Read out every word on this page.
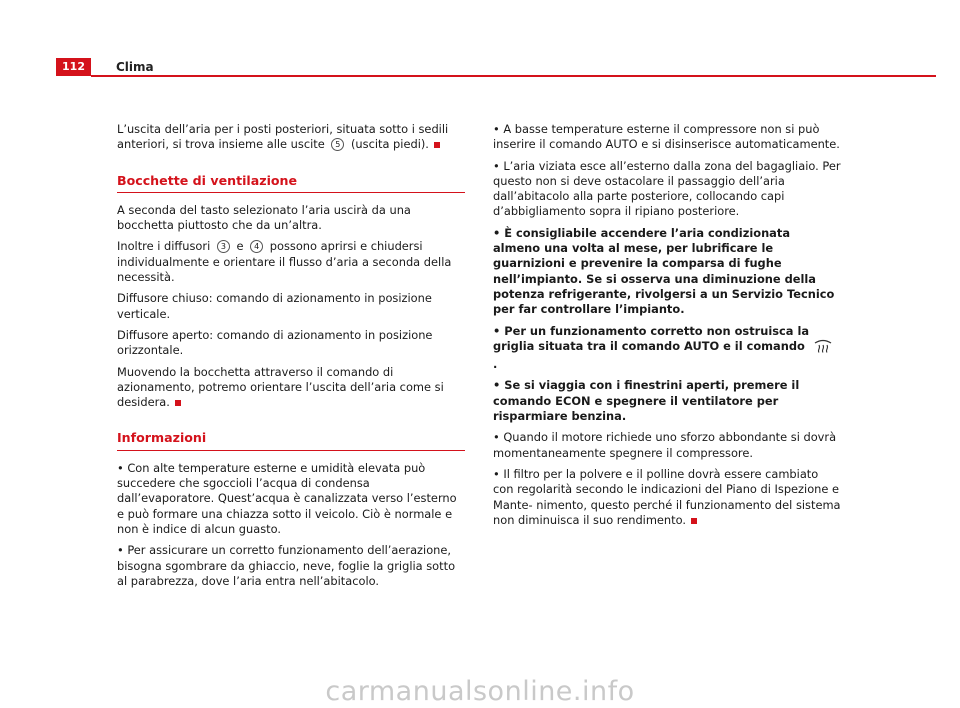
112	Clima

L’uscita dell’aria per i posti posteriori, situata sotto i sedili anteriori, si trova insieme alle uscite 5 (uscita piedi).

Bocchette di ventilazione

A seconda del tasto selezionato l’aria uscirà da una bocchetta piuttosto che da un’altra.

Inoltre i diffusori 3 e 4 possono aprirsi e chiudersi individualmente e orientare il flusso d’aria a seconda della necessità.

Diffusore chiuso: comando di azionamento in posizione verticale.

Diffusore aperto: comando di azionamento in posizione orizzontale.

Muovendo la bocchetta attraverso il comando di azionamento, potremo orientare l’uscita dell’aria come si desidera.

Informazioni

• Con alte temperature esterne e umidità elevata può succedere che sgoccioli l’acqua di condensa dall’evaporatore. Quest’acqua è canalizzata verso l’esterno e può formare una chiazza sotto il veicolo. Ciò è normale e non è indice di alcun guasto.

• Per assicurare un corretto funzionamento dell’aerazione, bisogna sgombrare da ghiaccio, neve, foglie la griglia sotto al parabrezza, dove l’aria entra nell’abitacolo.

• A basse temperature esterne il compressore non si può inserire il comando AUTO e si disinserisce automaticamente.

• L’aria viziata esce all’esterno dalla zona del bagagliaio. Per questo non si deve ostacolare il passaggio dell’aria dall’abitacolo alla parte posteriore, collocando capi d’abbigliamento sopra il ripiano posteriore.

• È consigliabile accendere l’aria condizionata almeno una volta al mese, per lubrificare le guarnizioni e prevenire la comparsa di fughe nell’impianto. Se si osserva una diminuzione della potenza refrigerante, rivolgersi a un Servizio Tecnico per far controllare l’impianto.

• Per un funzionamento corretto non ostruisca la griglia situata tra il comando AUTO e il comando .

• Se si viaggia con i finestrini aperti, premere il comando ECON e spegnere il ventilatore per risparmiare benzina.

• Quando il motore richiede uno sforzo abbondante si dovrà momentaneamente spegnere il compressore.

• Il filtro per la polvere e il polline dovrà essere cambiato con regolarità secondo le indicazioni del Piano di Ispezione e Mante- nimento, questo perché il funzionamento del sistema non diminuisca il suo rendimento.

carmanualsonline.info
